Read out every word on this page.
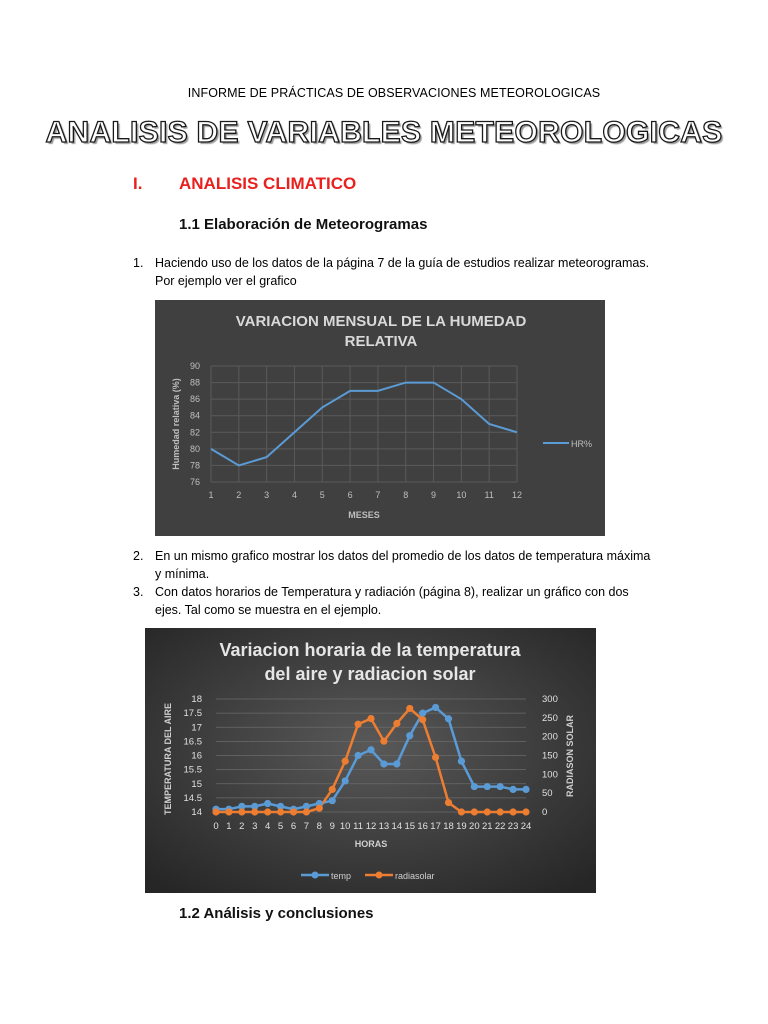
INFORME DE PRÁCTICAS DE OBSERVACIONES METEOROLOGICAS
ANALISIS DE VARIABLES METEOROLOGICAS
I. ANALISIS CLIMATICO
1.1 Elaboración de Meteorogramas
1. Haciendo uso de los datos de la página 7 de la guía de estudios realizar meteorogramas. Por ejemplo ver el grafico
VARIACION MENSUAL DE LA HUMEDAD
RELATIVA
76
78
80
82
84
86
88
90
1	2	3	4	5	6	7	8	9 10 11 12
MESES
Humedad relativa (%)	HR%
2. En un mismo grafico mostrar los datos del promedio de los datos de temperatura máxima y mínima.
3. Con datos horarios de Temperatura y radiación (página 8), realizar un gráfico con dos ejes. Tal como se muestra en el ejemplo.
Variacion horaria de la temperatura
del aire y radiacion solar
14
14.5
15
15.5
16
16.5
17
17.5
18
0
50
100
150
200
250
300
0 1 2 3 4 5 6 7 8 9 10 11 12 13 14 15 16 17 18 19 20 21 22 23 24
HORAS
TEMPERATURA DEL AIRE	RADIASON SOLAR
temp	radiasolar
1.2 Análisis y conclusiones
